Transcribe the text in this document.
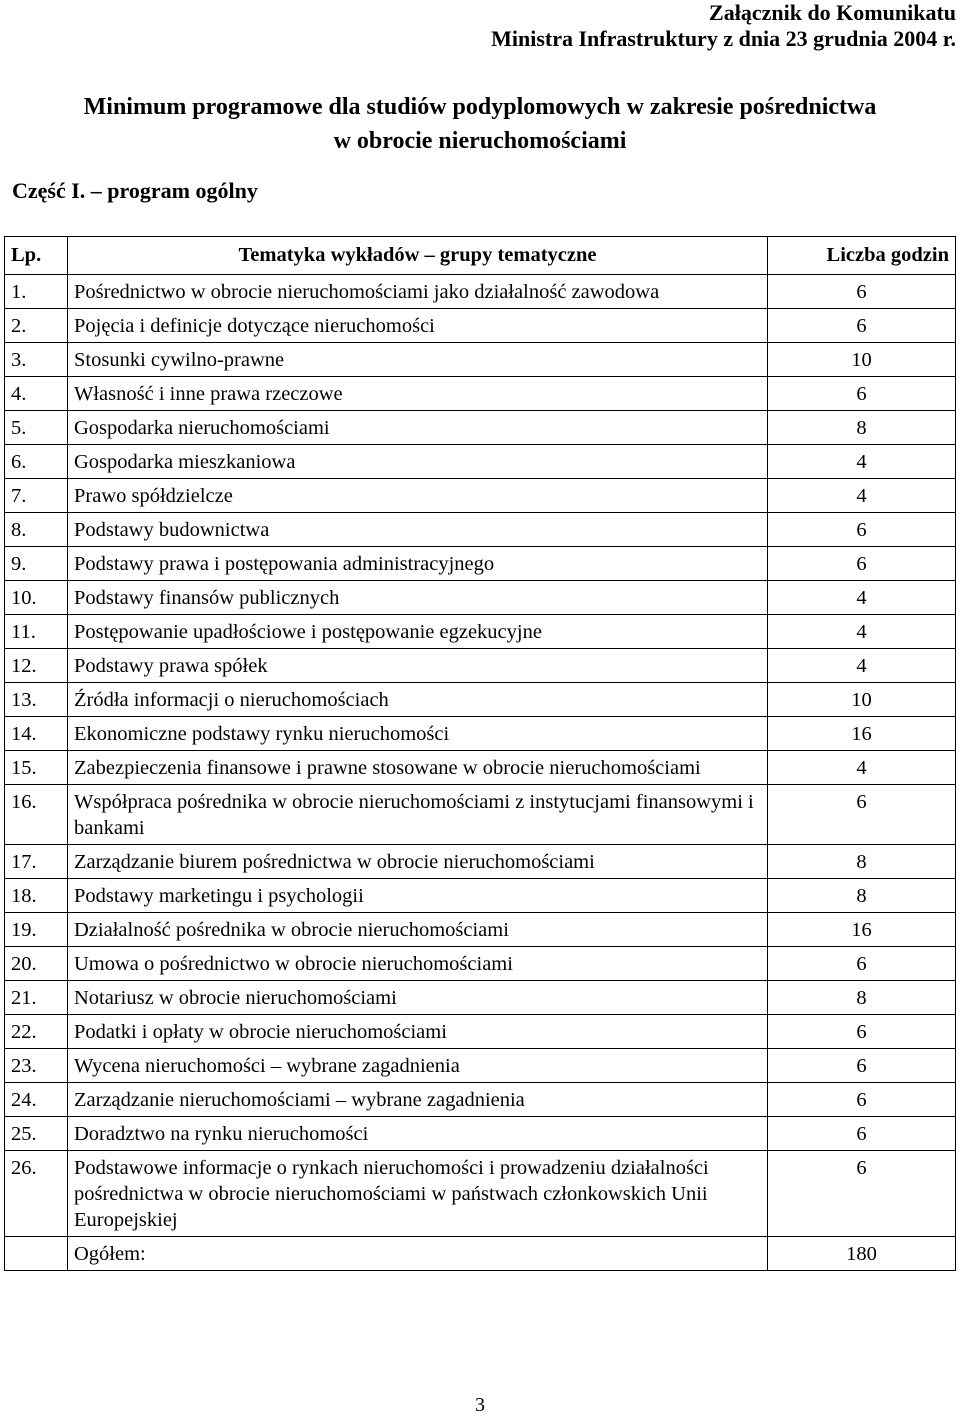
Załącznik do Komunikatu
Ministra Infrastruktury z dnia 23 grudnia 2004 r.
Minimum programowe dla studiów podyplomowych w zakresie pośrednictwa
w obrocie nieruchomościami
Część I. – program ogólny
Lp.	Tematyka wykładów – grupy tematyczne	Liczba godzin
1.	Pośrednictwo w obrocie nieruchomościami jako działalność zawodowa	6
2.	Pojęcia i definicje dotyczące nieruchomości	6
3.	Stosunki cywilno-prawne	10
4.	Własność i inne prawa rzeczowe	6
5.	Gospodarka nieruchomościami	8
6.	Gospodarka mieszkaniowa	4
7.	Prawo spółdzielcze	4
8.	Podstawy budownictwa	6
9.	Podstawy prawa i postępowania administracyjnego	6
10.	Podstawy finansów publicznych	4
11.	Postępowanie upadłościowe i postępowanie egzekucyjne	4
12.	Podstawy prawa spółek	4
13.	Źródła informacji o nieruchomościach	10
14.	Ekonomiczne podstawy rynku nieruchomości	16
15.	Zabezpieczenia finansowe i prawne stosowane w obrocie nieruchomościami	4
16.	Współpraca pośrednika w obrocie nieruchomościami z instytucjami finansowymi i bankami	6
17.	Zarządzanie biurem pośrednictwa w obrocie nieruchomościami	8
18.	Podstawy marketingu i psychologii	8
19.	Działalność pośrednika w obrocie nieruchomościami	16
20.	Umowa o pośrednictwo w obrocie nieruchomościami	6
21.	Notariusz w obrocie nieruchomościami	8
22.	Podatki i opłaty w obrocie nieruchomościami	6
23.	Wycena nieruchomości – wybrane zagadnienia	6
24.	Zarządzanie nieruchomościami – wybrane zagadnienia	6
25.	Doradztwo na rynku nieruchomości	6
26.	Podstawowe informacje o rynkach nieruchomości i prowadzeniu działalności pośrednictwa w obrocie nieruchomościami w państwach członkowskich Unii Europejskiej	6
	Ogółem:	180
3
